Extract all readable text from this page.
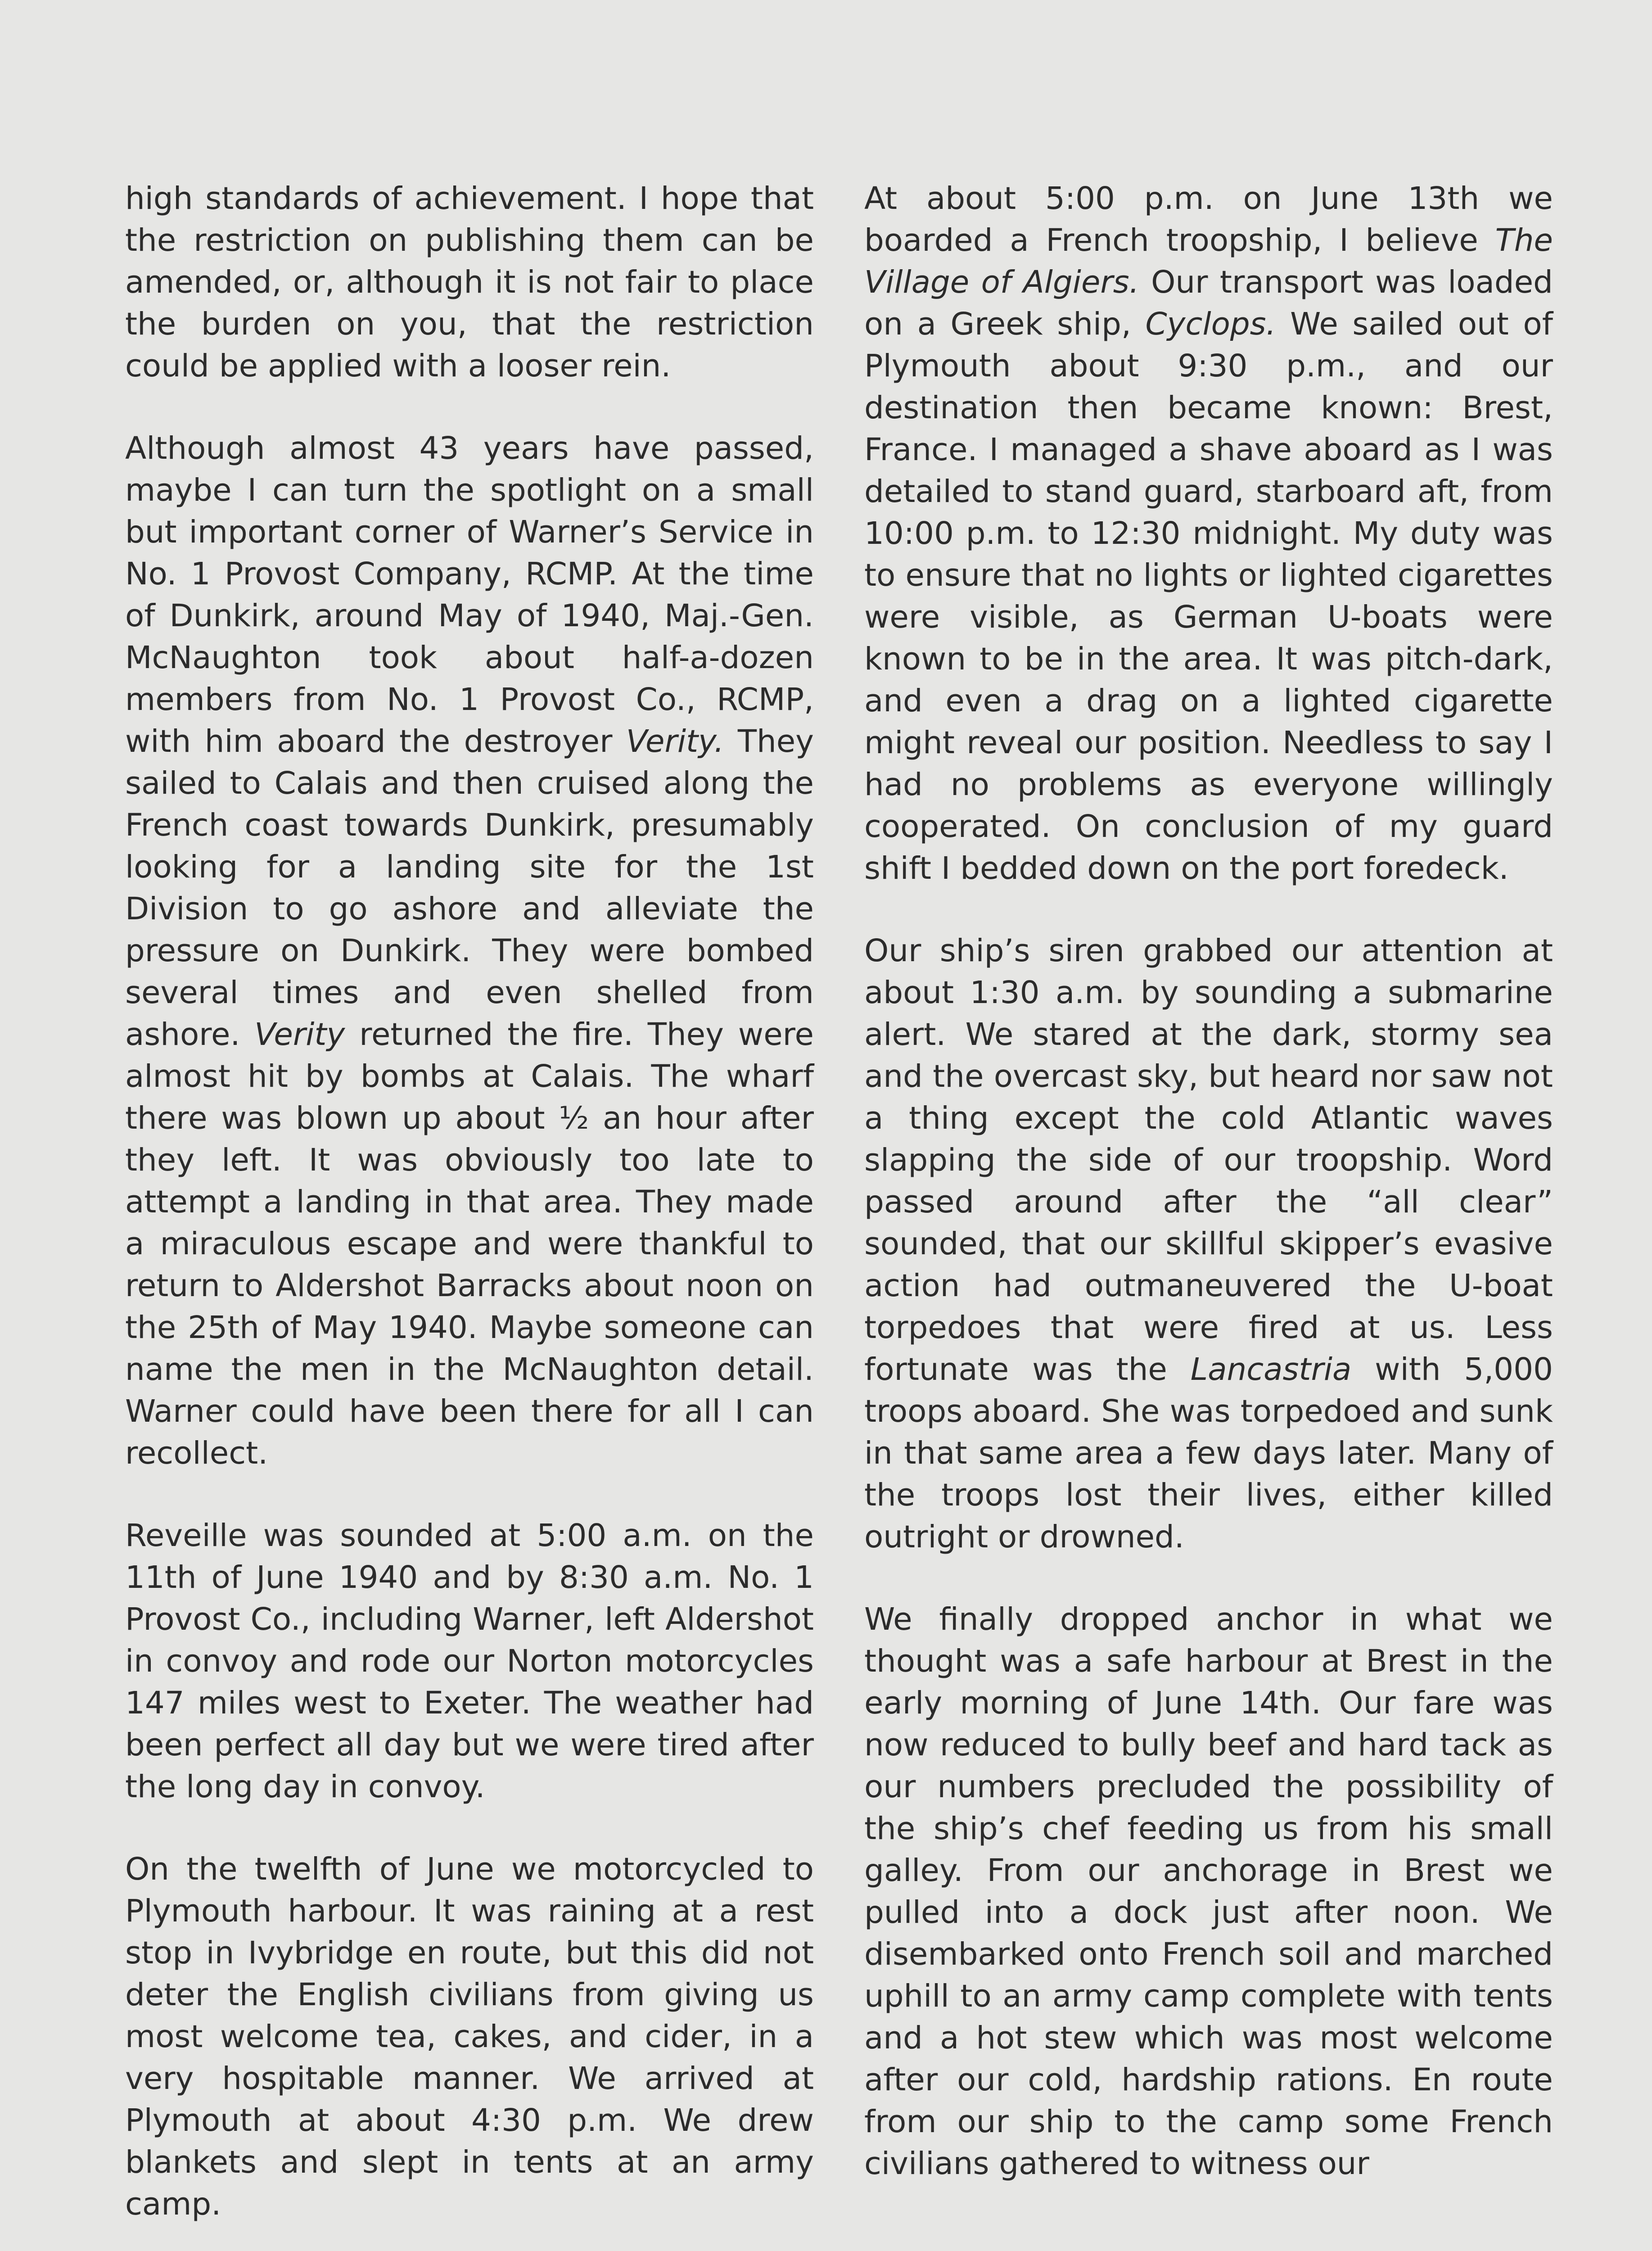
high standards of achievement. I hope that the restriction on publishing them can be amended, or, although it is not fair to place the burden on you, that the restriction could be applied with a looser rein.

Although almost 43 years have passed, maybe I can turn the spotlight on a small but important corner of Warner’s Service in No. 1 Provost Company, RCMP. At the time of Dunkirk, around May of 1940, Maj.-Gen. McNaughton took about half-a-dozen members from No. 1 Provost Co., RCMP, with him aboard the destroyer Verity. They sailed to Calais and then cruised along the French coast towards Dunkirk, presumably looking for a landing site for the 1st Division to go ashore and alleviate the pressure on Dunkirk. They were bombed several times and even shelled from ashore. Verity returned the fire. They were almost hit by bombs at Calais. The wharf there was blown up about ½ an hour after they left. It was obviously too late to attempt a landing in that area. They made a miraculous escape and were thankful to return to Aldershot Barracks about noon on the 25th of May 1940. Maybe someone can name the men in the McNaughton detail. Warner could have been there for all I can recollect.

Reveille was sounded at 5:00 a.m. on the 11th of June 1940 and by 8:30 a.m. No. 1 Provost Co., including Warner, left Aldershot in convoy and rode our Norton motorcycles 147 miles west to Exeter. The weather had been perfect all day but we were tired after the long day in convoy.

On the twelfth of June we motorcycled to Plymouth harbour. It was raining at a rest stop in Ivybridge en route, but this did not deter the English civilians from giving us most welcome tea, cakes, and cider, in a very hospitable manner. We arrived at Plymouth at about 4:30 p.m. We drew blankets and slept in tents at an army camp.

At about 5:00 p.m. on June 13th we boarded a French troopship, I believe The Village of Algiers. Our transport was loaded on a Greek ship, Cyclops. We sailed out of Plymouth about 9:30 p.m., and our destination then became known: Brest, France. I managed a shave aboard as I was detailed to stand guard, starboard aft, from 10:00 p.m. to 12:30 midnight. My duty was to ensure that no lights or lighted cigarettes were visible, as German U-boats were known to be in the area. It was pitch-dark, and even a drag on a lighted cigarette might reveal our position. Needless to say I had no problems as everyone willingly cooperated. On conclusion of my guard shift I bedded down on the port foredeck.

Our ship’s siren grabbed our attention at about 1:30 a.m. by sounding a submarine alert. We stared at the dark, stormy sea and the overcast sky, but heard nor saw not a thing except the cold Atlantic waves slapping the side of our troopship. Word passed around after the “all clear” sounded, that our skillful skipper’s evasive action had outmaneuvered the U-boat torpedoes that were fired at us. Less fortunate was the Lancastria with 5,000 troops aboard. She was torpedoed and sunk in that same area a few days later. Many of the troops lost their lives, either killed outright or drowned.

We finally dropped anchor in what we thought was a safe harbour at Brest in the early morning of June 14th. Our fare was now reduced to bully beef and hard tack as our numbers precluded the possibility of the ship’s chef feeding us from his small galley. From our anchorage in Brest we pulled into a dock just after noon. We disembarked onto French soil and marched uphill to an army camp complete with tents and a hot stew which was most welcome after our cold, hardship rations. En route from our ship to the camp some French civilians gathered to witness our
